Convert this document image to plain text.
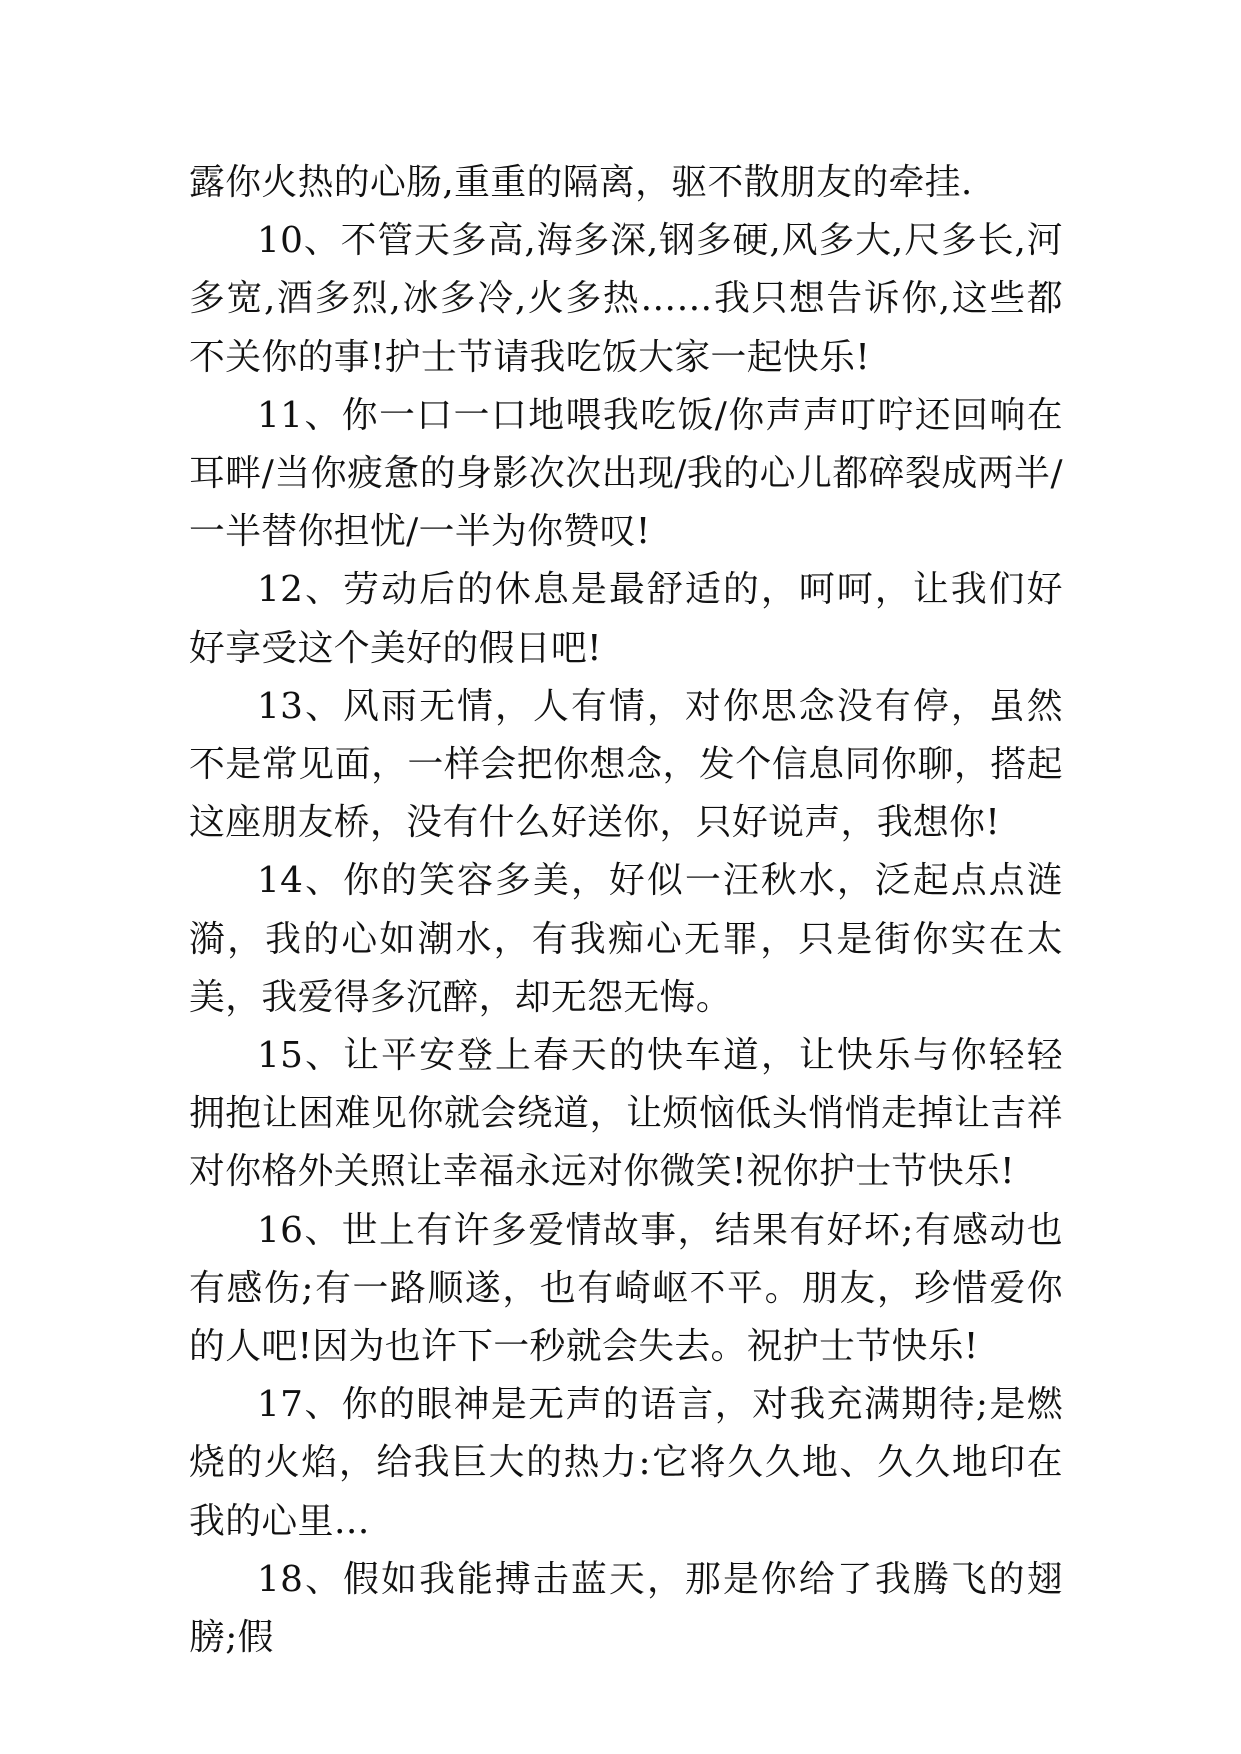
露你火热的心肠,重重的隔离，驱不散朋友的牵挂.

10、不管天多高,海多深,钢多硬,风多大,尺多长,河多宽,酒多烈,冰多冷,火多热……我只想告诉你,这些都不关你的事!护士节请我吃饭大家一起快乐!

11、你一口一口地喂我吃饭/你声声叮咛还回响在耳畔/当你疲惫的身影次次出现/我的心儿都碎裂成两半/一半替你担忧/一半为你赞叹!

12、劳动后的休息是最舒适的，呵呵，让我们好好享受这个美好的假日吧!

13、风雨无情，人有情，对你思念没有停，虽然不是常见面，一样会把你想念，发个信息同你聊，搭起这座朋友桥，没有什么好送你，只好说声，我想你!

14、你的笑容多美，好似一汪秋水，泛起点点涟漪，我的心如潮水，有我痴心无罪，只是街你实在太美，我爱得多沉醉，却无怨无悔。

15、让平安登上春天的快车道，让快乐与你轻轻拥抱让困难见你就会绕道，让烦恼低头悄悄走掉让吉祥对你格外关照让幸福永远对你微笑!祝你护士节快乐!

16、世上有许多爱情故事，结果有好坏;有感动也有感伤;有一路顺遂，也有崎岖不平。朋友，珍惜爱你的人吧!因为也许下一秒就会失去。祝护士节快乐!

17、你的眼神是无声的语言，对我充满期待;是燃烧的火焰，给我巨大的热力:它将久久地、久久地印在我的心里…

18、假如我能搏击蓝天，那是你给了我腾飞的翅膀;假
